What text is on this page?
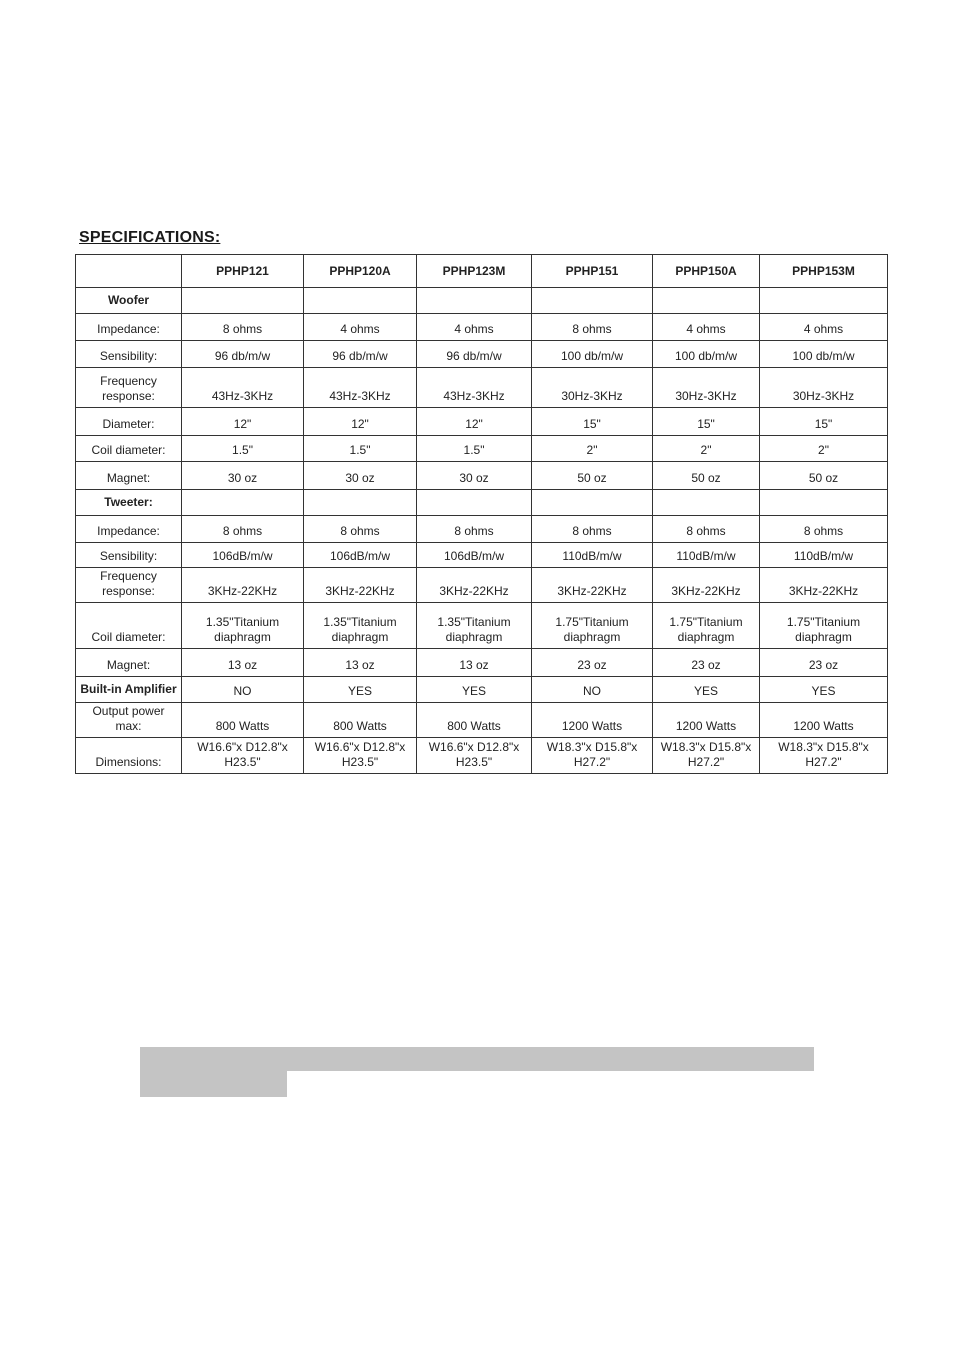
SPECIFICATIONS:
	PPHP121	PPHP120A	PPHP123M	PPHP151	PPHP150A	PPHP153M
Woofer						
Impedance:	8 ohms	4 ohms	4 ohms	8 ohms	4 ohms	4 ohms
Sensibility:	96 db/m/w	96 db/m/w	96 db/m/w	100 db/m/w	100 db/m/w	100 db/m/w
Frequency response:	43Hz-3KHz	43Hz-3KHz	43Hz-3KHz	30Hz-3KHz	30Hz-3KHz	30Hz-3KHz
Diameter:	12"	12"	12"	15"	15"	15"
Coil diameter:	1.5"	1.5"	1.5"	2"	2"	2"
Magnet:	30 oz	30 oz	30 oz	50 oz	50 oz	50 oz
Tweeter:						
Impedance:	8 ohms	8 ohms	8 ohms	8 ohms	8 ohms	8 ohms
Sensibility:	106dB/m/w	106dB/m/w	106dB/m/w	110dB/m/w	110dB/m/w	110dB/m/w
Frequency response:	3KHz-22KHz	3KHz-22KHz	3KHz-22KHz	3KHz-22KHz	3KHz-22KHz	3KHz-22KHz
Coil diameter:	1.35"Titanium diaphragm	1.35"Titanium diaphragm	1.35"Titanium diaphragm	1.75"Titanium diaphragm	1.75"Titanium diaphragm	1.75"Titanium diaphragm
Magnet:	13 oz	13 oz	13 oz	23 oz	23 oz	23 oz
Built-in Amplifier	NO	YES	YES	NO	YES	YES
Output power max:	800 Watts	800 Watts	800 Watts	1200 Watts	1200 Watts	1200 Watts
Dimensions:	W16.6"x D12.8"x H23.5"	W16.6"x D12.8"x H23.5"	W16.6"x D12.8"x H23.5"	W18.3"x D15.8"x H27.2"	W18.3"x D15.8"x H27.2"	W18.3"x D15.8"x H27.2"
